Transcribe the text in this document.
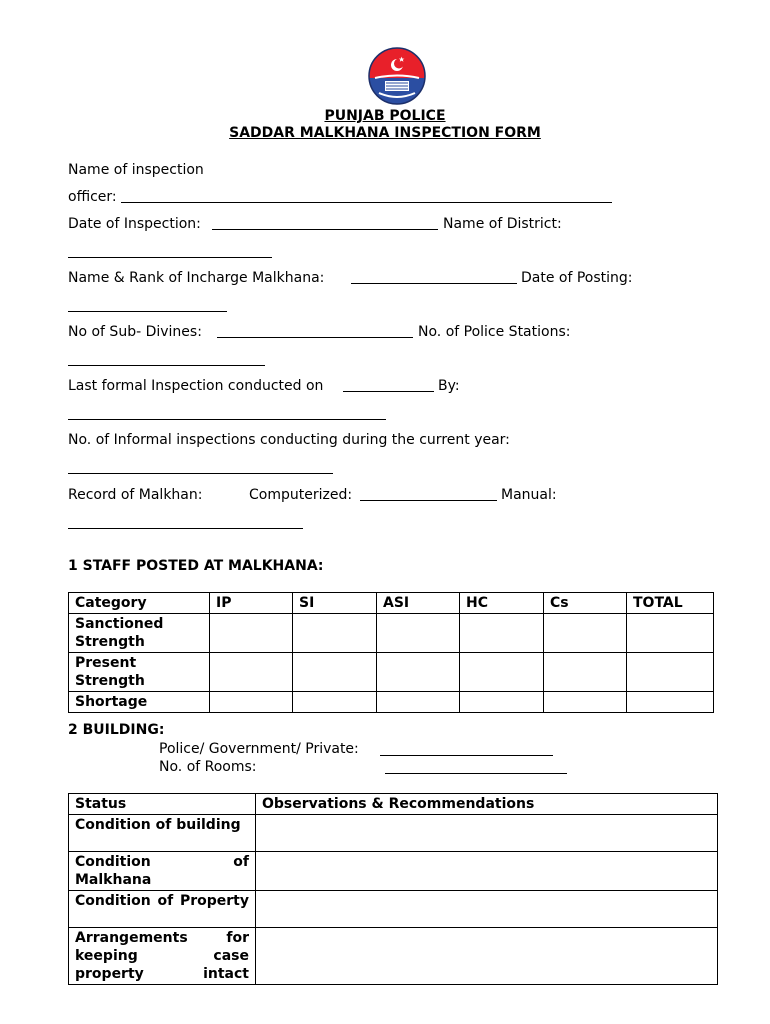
PUNJAB POLICE
SADDAR MALKHANA INSPECTION FORM
Name of inspection
officer:
Date of Inspection:	Name of District:
Name & Rank of Incharge Malkhana:	Date of Posting:
No of Sub- Divines:	No. of Police Stations:
Last formal Inspection conducted on	By:
No. of Informal inspections conducting during the current year:
Record of Malkhan:	Computerized:	Manual:
1 STAFF POSTED AT MALKHANA:
Category	IP	SI	ASI	HC	Cs	TOTAL
Sanctioned Strength						
Present Strength						
Shortage						
2 BUILDING:
Police/ Government/ Private:
No. of Rooms:
Status	Observations & Recommendations
Condition of building	
Condition of Malkhana	
Condition of Property	
Arrangements for keeping case property intact	
